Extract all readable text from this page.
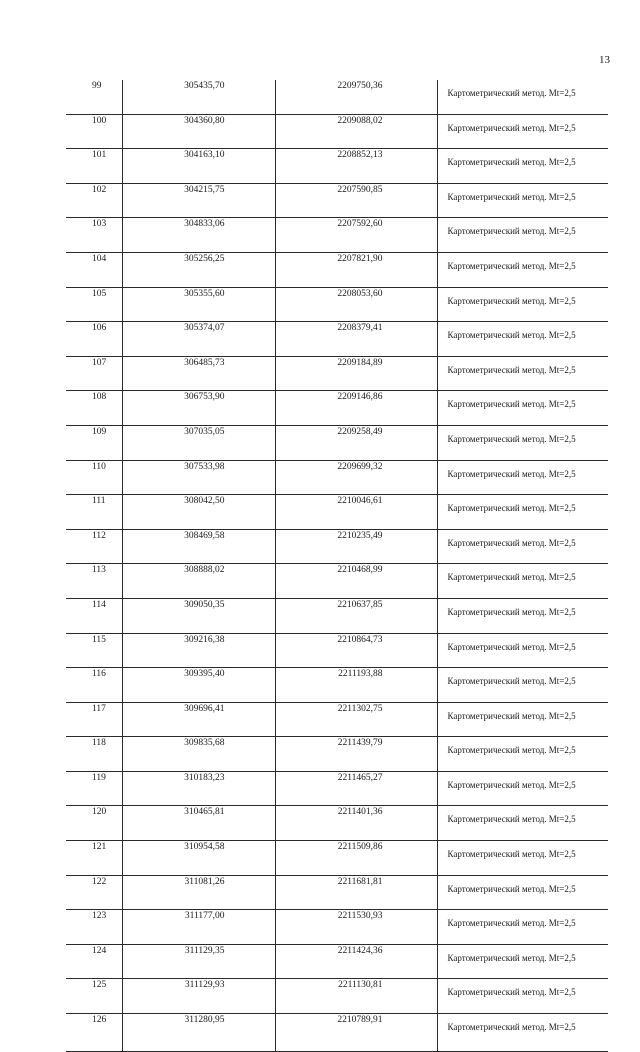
13
99	305435,70	2209750,36	Картометрический метод. Mt=2,5
100	304360,80	2209088,02	Картометрический метод. Mt=2,5
101	304163,10	2208852,13	Картометрический метод. Mt=2,5
102	304215,75	2207590,85	Картометрический метод. Mt=2,5
103	304833,06	2207592,60	Картометрический метод. Mt=2,5
104	305256,25	2207821,90	Картометрический метод. Mt=2,5
105	305355,60	2208053,60	Картометрический метод. Mt=2,5
106	305374,07	2208379,41	Картометрический метод. Mt=2,5
107	306485,73	2209184,89	Картометрический метод. Mt=2,5
108	306753,90	2209146,86	Картометрический метод. Mt=2,5
109	307035,05	2209258,49	Картометрический метод. Mt=2,5
110	307533,98	2209699,32	Картометрический метод. Mt=2,5
111	308042,50	2210046,61	Картометрический метод. Mt=2,5
112	308469,58	2210235,49	Картометрический метод. Mt=2,5
113	308888,02	2210468,99	Картометрический метод. Mt=2,5
114	309050,35	2210637,85	Картометрический метод. Mt=2,5
115	309216,38	2210864,73	Картометрический метод. Mt=2,5
116	309395,40	2211193,88	Картометрический метод. Mt=2,5
117	309696,41	2211302,75	Картометрический метод. Mt=2,5
118	309835,68	2211439,79	Картометрический метод. Mt=2,5
119	310183,23	2211465,27	Картометрический метод. Mt=2,5
120	310465,81	2211401,36	Картометрический метод. Mt=2,5
121	310954,58	2211509,86	Картометрический метод. Mt=2,5
122	311081,26	2211681,81	Картометрический метод. Mt=2,5
123	311177,00	2211530,93	Картометрический метод. Mt=2,5
124	311129,35	2211424,36	Картометрический метод. Mt=2,5
125	311129,93	2211130,81	Картометрический метод. Mt=2,5
126	311280,95	2210789,91	Картометрический метод. Mt=2,5
